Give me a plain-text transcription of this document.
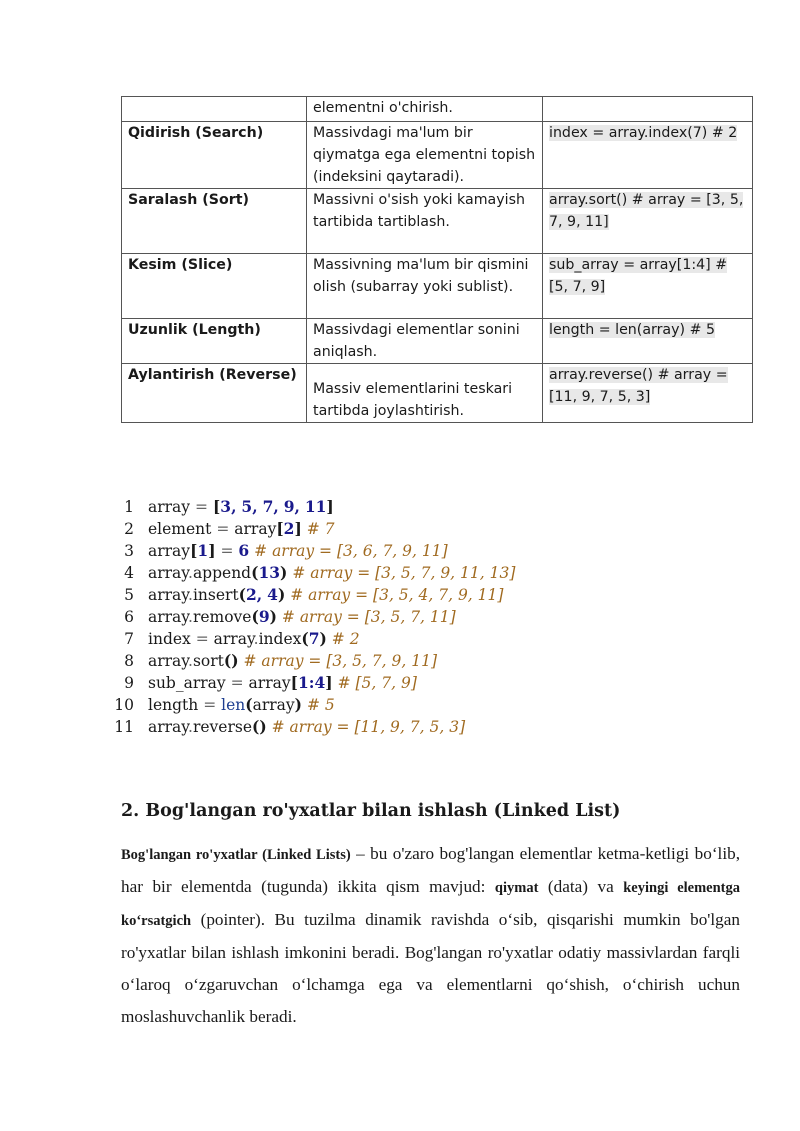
	elementni o'chirish.	
Qidirish (Search)	Massivdagi ma'lum bir qiymatga ega elementni topish (indeksini qaytaradi).	index = array.index(7) # 2
Saralash (Sort)	Massivni o'sish yoki kamayish tartibida tartiblash.	array.sort() # array = [3, 5, 7, 9, 11]
Kesim (Slice)	Massivning ma'lum bir qismini olish (subarray yoki sublist).	sub_array = array[1:4] # [5, 7, 9]
Uzunlik (Length)	Massivdagi elementlar sonini aniqlash.	length = len(array) # 5
Aylantirish (Reverse)	Massiv elementlarini teskari tartibda joylashtirish.	array.reverse() # array = [11, 9, 7, 5, 3]
1 array = [3, 5, 7, 9, 11]
2 element = array[2] # 7
3 array[1] = 6 # array = [3, 6, 7, 9, 11]
4 array.append(13) # array = [3, 5, 7, 9, 11, 13]
5 array.insert(2, 4) # array = [3, 5, 4, 7, 9, 11]
6 array.remove(9) # array = [3, 5, 7, 11]
7 index = array.index(7) # 2
8 array.sort() # array = [3, 5, 7, 9, 11]
9 sub_array = array[1:4] # [5, 7, 9]
10 length = len(array) # 5
11 array.reverse() # array = [11, 9, 7, 5, 3]
2. Bog'langan ro'yxatlar bilan ishlash (Linked List)

Bog'langan ro'yxatlar (Linked Lists) – bu o'zaro bog'langan elementlar ketma-ketligi bo‘lib, har bir elementda (tugunda) ikkita qism mavjud: qiymat (data) va keyingi elementga ko‘rsatgich (pointer). Bu tuzilma dinamik ravishda o‘sib, qisqarishi mumkin bo'lgan ro'yxatlar bilan ishlash imkonini beradi. Bog'langan ro'yxatlar odatiy massivlardan farqli o‘laroq o‘zgaruvchan o‘lchamga ega va elementlarni qo‘shish, o‘chirish uchun moslashuvchanlik beradi.
